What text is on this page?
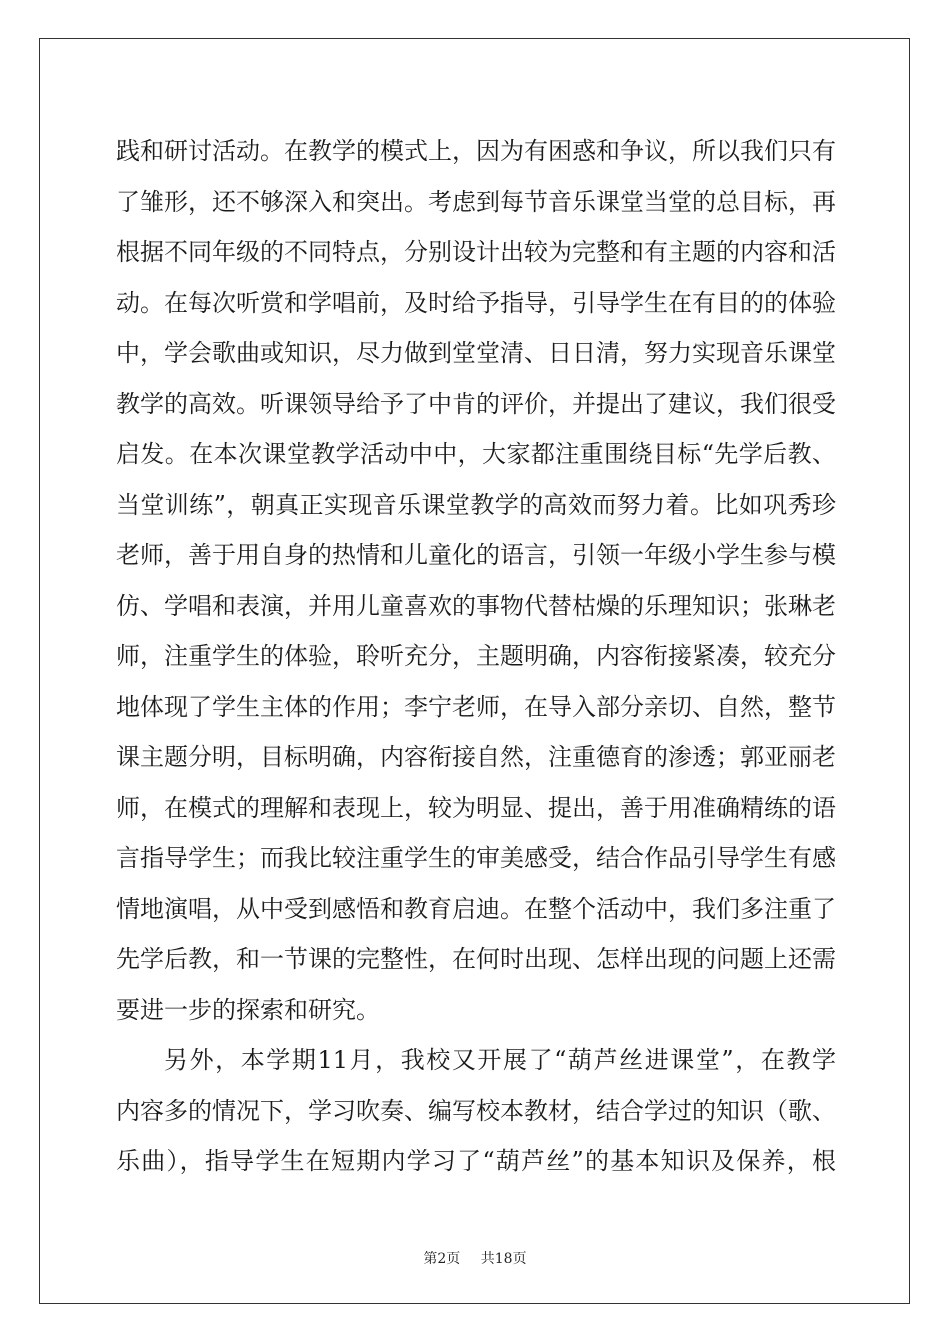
践和研讨活动。在教学的模式上，因为有困惑和争议，所以我们只有
了雏形，还不够深入和突出。考虑到每节音乐课堂当堂的总目标，再
根据不同年级的不同特点，分别设计出较为完整和有主题的内容和活
动。在每次听赏和学唱前，及时给予指导，引导学生在有目的的体验
中，学会歌曲或知识，尽力做到堂堂清、日日清，努力实现音乐课堂
教学的高效。听课领导给予了中肯的评价，并提出了建议，我们很受
启发。在本次课堂教学活动中中，大家都注重围绕目标“先学后教、
当堂训练”，朝真正实现音乐课堂教学的高效而努力着。比如巩秀珍
老师，善于用自身的热情和儿童化的语言，引领一年级小学生参与模
仿、学唱和表演，并用儿童喜欢的事物代替枯燥的乐理知识；张琳老
师，注重学生的体验，聆听充分，主题明确，内容衔接紧凑，较充分
地体现了学生主体的作用；李宁老师，在导入部分亲切、自然，整节
课主题分明，目标明确，内容衔接自然，注重德育的渗透；郭亚丽老
师，在模式的理解和表现上，较为明显、提出，善于用准确精练的语
言指导学生；而我比较注重学生的审美感受，结合作品引导学生有感
情地演唱，从中受到感悟和教育启迪。在整个活动中，我们多注重了
先学后教，和一节课的完整性，在何时出现、怎样出现的问题上还需
要进一步的探索和研究。
另外，本学期11月，我校又开展了“葫芦丝进课堂”，在教学
内容多的情况下，学习吹奏、编写校本教材，结合学过的知识（歌、
乐曲），指导学生在短期内学习了“葫芦丝”的基本知识及保养，根
第2页 共18页
